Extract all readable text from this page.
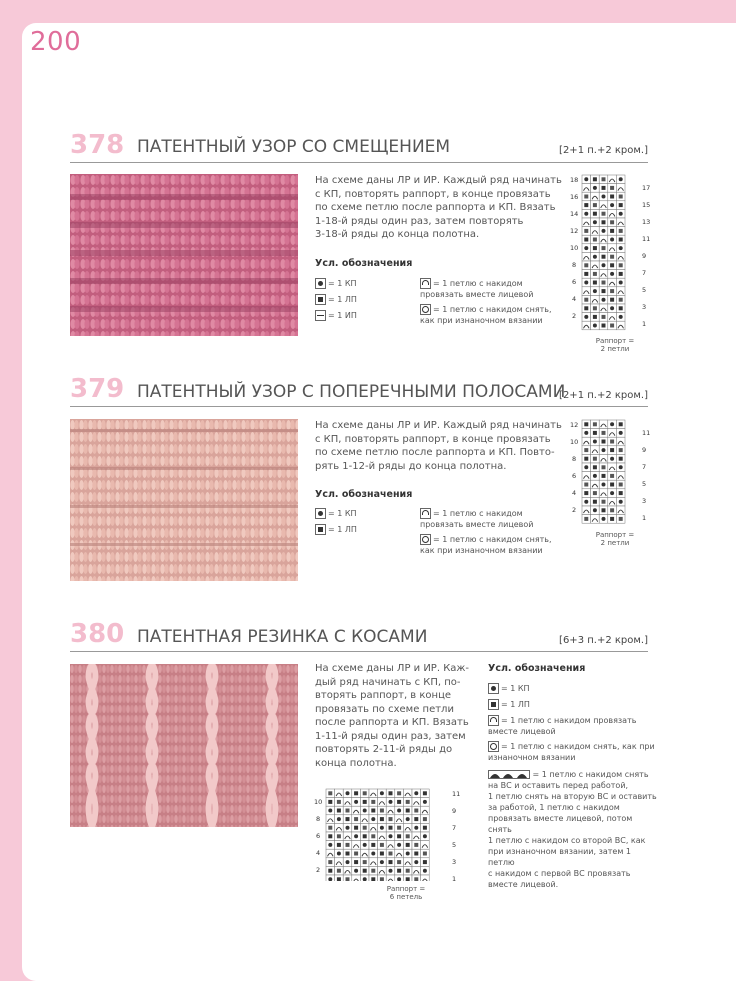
200
378 ПАТЕНТНЫЙ УЗОР СО СМЕЩЕНИЕМ	[2+1 п.+2 кром.]
На схеме даны ЛР и ИР. Каждый ряд начинать
с КП, повторять раппорт, в конце провязать
по схеме петлю после раппорта и КП. Вязать
1-18-й ряды один раз, затем повторять
3-18-й ряды до конца полотна.
Усл. обозначения
= 1 КП
= 1 ЛП
= 1 ИП
= 1 петлю с накидом
провязать вместе лицевой
= 1 петлю с накидом снять,
как при изнаночном вязании
18
16
14
12
10
8
6
4
2
17
15
13
11
9
7
5
3
1
Раппорт =
2 петли
379 ПАТЕНТНЫЙ УЗОР С ПОПЕРЕЧНЫМИ ПОЛОСАМИ
[2+1 п.+2 кром.]
На схеме даны ЛР и ИР. Каждый ряд начинать
с КП, повторять раппорт, в конце провязать
по схеме петлю после раппорта и КП. Повто-
рять 1-12-й ряды до конца полотна.
Усл. обозначения
= 1 КП
= 1 ЛП
= 1 петлю с накидом
провязать вместе лицевой
= 1 петлю с накидом снять,
как при изнаночном вязании
12
10
8
6
4
2
11
9
7
5
3
1
Раппорт =
2 петли
380 ПАТЕНТНАЯ РЕЗИНКА С КОСАМИ	[6+3 п.+2 кром.]
На схеме даны ЛР и ИР. Каж-
дый ряд начинать с КП, по-
вторять раппорт, в конце
провязать по схеме петли
после раппорта и КП. Вязать
1-11-й ряды один раз, затем
повторять 2-11-й ряды до
конца полотна.
Усл. обозначения
= 1 КП
= 1 ЛП
= 1 петлю с накидом провязать
вместе лицевой
= 1 петлю с накидом снять, как при
изнаночном вязании
= 1 петлю с накидом снять
на ВС и оставить перед работой,
1 петлю снять на вторую ВС и оставить
за работой, 1 петлю с накидом
провязать вместе лицевой, потом снять
1 петлю с накидом со второй ВС, как
при изнаночном вязании, затем 1 петлю
с накидом с первой ВС провязать
вместе лицевой.
10
8
6
4
2
11
9
7
5
3
1
Раппорт =
6 петель
